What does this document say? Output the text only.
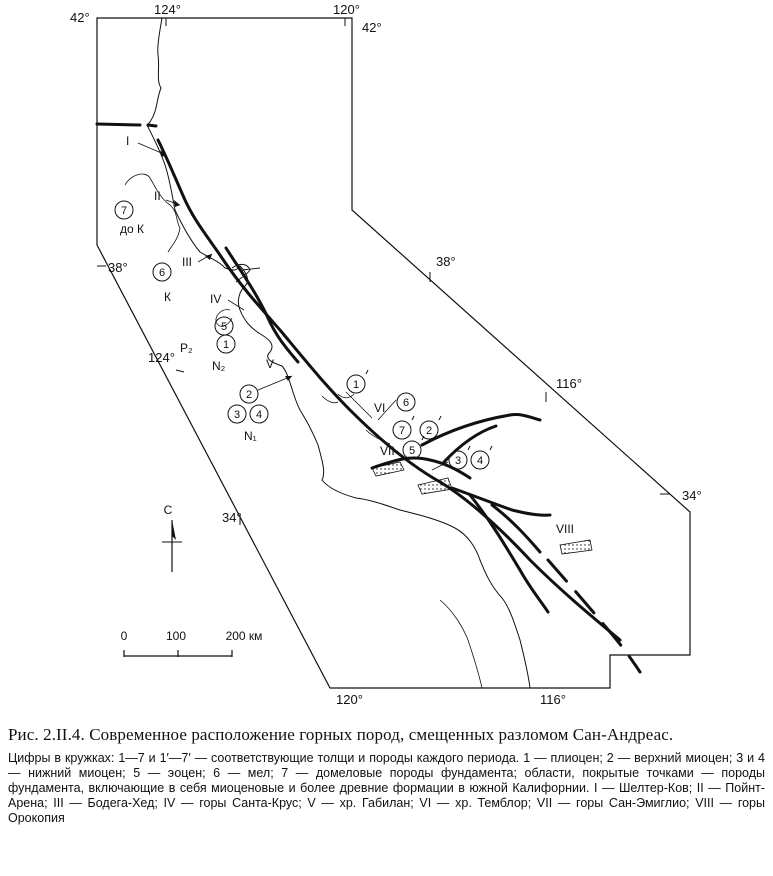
42°
124°	120°
42°
38°	38°
124°
116°
34°
34°
120°	116°
I
II
III
IV
V
VI
VII
VIII
до К
К
P₂
N₂
N₁
7
6
5
1
2
3 4
1
6
7 2
5
3 4
С
0	100	200 км

Рис. 2.II.4. Современное расположение горных пород, смещенных разломом Сан-Андреас.

Цифры в кружках: 1—7 и 1′—7′ — соответствующие толщи и породы каждого периода. 1 — плиоцен; 2 — верхний миоцен; 3 и 4 — нижний миоцен; 5 — эоцен; 6 — мел; 7 — домеловые породы фундамента; области, покрытые точками — породы фундамента, включающие в себя миоценовые и более древние формации в южной Калифорнии. I — Шелтер-Ков; II — Пойнт-Арена; III — Бодега-Хед; IV — горы Санта-Крус; V — хр. Габилан; VI — хр. Темблор; VII — горы Сан-Эмиглио; VIII — горы Орокопия
